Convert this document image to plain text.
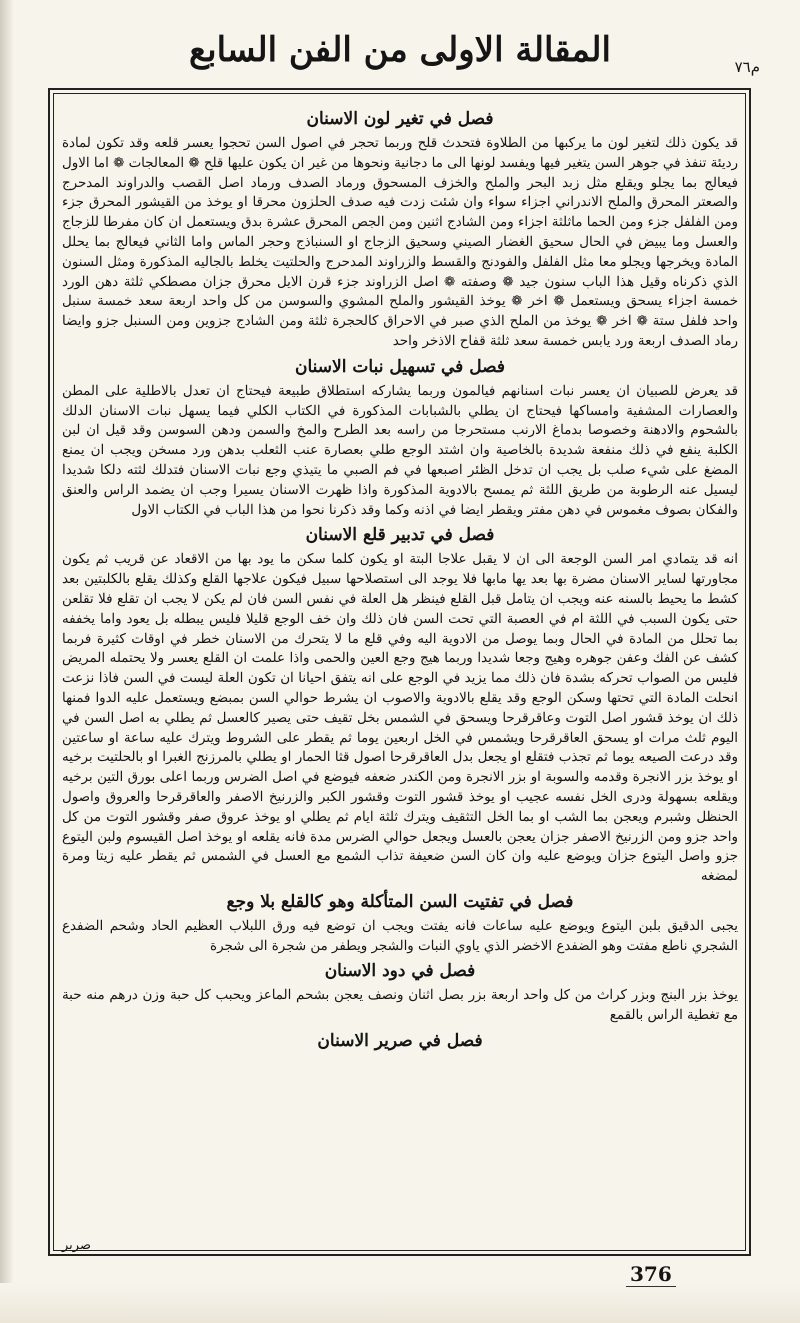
المقالة الاولى من الفن السابع	م٧٦
فصل في تغير لون الاسنان
قد يكون ذلك لتغير لون ما يركبها من الطلاوة فتحدث قلح وربما تحجر في اصول السن تحجوا يعسر قلعه وقد تكون لمادة رديئة تنفذ في جوهر السن يتغير فيها ويفسد لونها الى ما دجانية ونحوها من غير ان يكون عليها قلح ❁ المعالجات ❁ اما الاول فيعالج بما يجلو ويقلع مثل زبد البحر والملح والخزف المسحوق ورماد الصدف ورماد اصل القصب والدراوند المدحرج والصعتر المحرق والملح الاندراني اجزاء سواء وان شئت زدت فيه صدف الحلزون محرقا او يوخذ من القيشور المحرق جزء ومن الفلفل جزء ومن الحما ماثلثة اجزاء ومن الشادج اثنين ومن الجص المحرق عشرة بدق ويستعمل ان كان مفرطا للزجاج والعسل وما يبيض في الحال سحيق الغضار الصيني وسحيق الزجاج او السنباذج وحجر الماس واما الثاني فيعالج بما يحلل المادة ويخرجها ويجلو معا مثل الفلفل والفودنج والقسط والزراوند المدحرج والحلتيت يخلط بالجاليه المذكورة ومثل السنون الذي ذكرناه وقيل هذا الباب سنون جيد ❁ وصفته ❁ اصل الزراوند جزء قرن الايل محرق جزان مصطكي ثلثة دهن الورد خمسة اجزاء يسحق ويستعمل ❁ اخر ❁ يوخذ القيشور والملح المشوي والسوسن من كل واحد اربعة سعد خمسة سنبل واحد فلفل ستة ❁ اخر ❁ يوخذ من الملح الذي صبر في الاحراق كالحجرة ثلثة ومن الشادج جزوين ومن السنبل جزو وايضا رماد الصدف اربعة ورد يابس خمسة سعد ثلثة قفاح الاذخر واحد
فصل في تسهيل نبات الاسنان
قد يعرض للصبيان ان يعسر نبات اسنانهم فيالمون وربما يشاركه استطلاق طبيعة فيحتاج ان تعدل بالاطلية على المطن والعصارات المشفية وامساكها فيحتاج ان يطلي بالشبابات المذكورة في الكتاب الكلي فيما يسهل نبات الاسنان الدلك بالشحوم والادهنة وخصوصا بدماغ الارنب مستحرجا من راسه بعد الطرح والمخ والسمن ودهن السوسن وقد قيل ان لبن الكلبة ينفع في ذلك منفعة شديدة بالخاصية وان اشتد الوجع طلي بعصارة عنب الثعلب بدهن ورد مسخن ويجب ان يمنع المضغ على شيء صلب بل يجب ان تدخل الظئر اصبعها في فم الصبي ما يتيذي وجع نبات الاسنان فتدلك لثته دلكا شديدا ليسيل عنه الرطوبة من طريق اللثة ثم يمسح بالادوية المذكورة واذا ظهرت الاسنان يسيرا وجب ان يضمد الراس والعنق والفكان بصوف مغموس في دهن مفتر ويقطر ايضا في اذنه وكما وقد ذكرنا نحوا من هذا الباب في الكتاب الاول
فصل في تدبير قلع الاسنان
انه قد يتمادي امر السن الوجعة الى ان لا يقبل علاجا البتة او يكون كلما سكن ما يود بها من الاقعاد عن قريب ثم يكون مجاورتها لساير الاسنان مضرة بها بعد يها مابها فلا يوجد الى استصلاحها سبيل فيكون علاجها القلع وكذلك يقلع بالكلبتين بعد كشط ما يحيط بالسنه عنه ويجب ان يتامل قبل القلع فينظر هل العلة في نفس السن فان لم يكن لا يجب ان تقلع فلا تقلعن حتى يكون السبب في اللثة ام في العصبة التي تحت السن فان ذلك وان خف الوجع قليلا فليس يبطله بل يعود واما يخففه بما تحلل من المادة في الحال وبما يوصل من الادوية اليه وفي قلع ما لا يتحرك من الاسنان خطر في اوقات كثيرة فربما كشف عن الفك وعفن جوهره وهيج وجعا شديدا وربما هيج وجع العين والحمى واذا علمت ان القلع يعسر ولا يحتمله المريض فليس من الصواب تحركه بشدة فان ذلك مما يزيد في الوجع على انه يتفق احيانا ان تكون العلة ليست في السن فاذا نزعت انحلت المادة التي تحتها وسكن الوجع وقد يقلع بالادوية والاصوب ان يشرط حوالي السن بمبضع ويستعمل عليه الدوا فمنها ذلك ان يوخذ قشور اصل التوت وعاقرقرحا ويسحق في الشمس بخل تقيف حتى يصير كالعسل ثم يطلي به اصل السن في اليوم ثلث مرات او يسحق العاقرقرحا ويشمس في الخل اربعين يوما ثم يقطر على الشروط ويترك عليه ساعة او ساعتين وقد درعت الصيعه يوما ثم تجذب فتقلع او يجعل بدل العاقرقرحا اصول قثا الحمار او يطلي بالمرزنج الغبرا او بالحلتيت برخيه او يوخذ بزر الانجرة وقدمه والسوبة او بزر الانجرة ومن الكندر ضعفه فيوضع في اصل الضرس وربما اعلى بورق التين برخيه ويقلعه بسهولة ودرى الخل نفسه عجيب او يوخذ قشور التوت وقشور الكبر والزرنيخ الاصفر والعاقرقرحا والعروق واصول الحنظل وشبرم ويعجن بما الشب او بما الخل التثقيف ويترك ثلثة ايام ثم يطلي او يوخذ عروق صفر وقشور التوت من كل واحد جزو ومن الزرنيخ الاصفر جزان يعجن بالعسل ويجعل حوالي الضرس مدة فانه يقلعه او يوخذ اصل القيسوم ولبن اليتوع جزو واصل اليتوع جزان ويوضع عليه وان كان السن ضعيفة تذاب الشمع مع العسل في الشمس ثم يقطر عليه زيتا ومرة لمضغه
فصل في تفتيت السن المتأكلة وهو كالقلع بلا وجع
يجبى الدقيق بلبن اليتوع ويوضع عليه ساعات فانه يفتت ويجب ان توضع فيه ورق اللبلاب العظيم الحاد وشحم الضفدع الشجري ناطع مفتت وهو الضفدع الاخضر الذي ياوي النبات والشجر ويطفر من شجرة الى شجرة
فصل في دود الاسنان
يوخذ بزر البنج وبزر كراث من كل واحد اربعة بزر بصل اثنان ونصف يعجن بشحم الماعز ويحبب كل حبة وزن درهم منه حبة مع تغطية الراس بالقمع
فصل في صرير الاسنان
صرير
376
